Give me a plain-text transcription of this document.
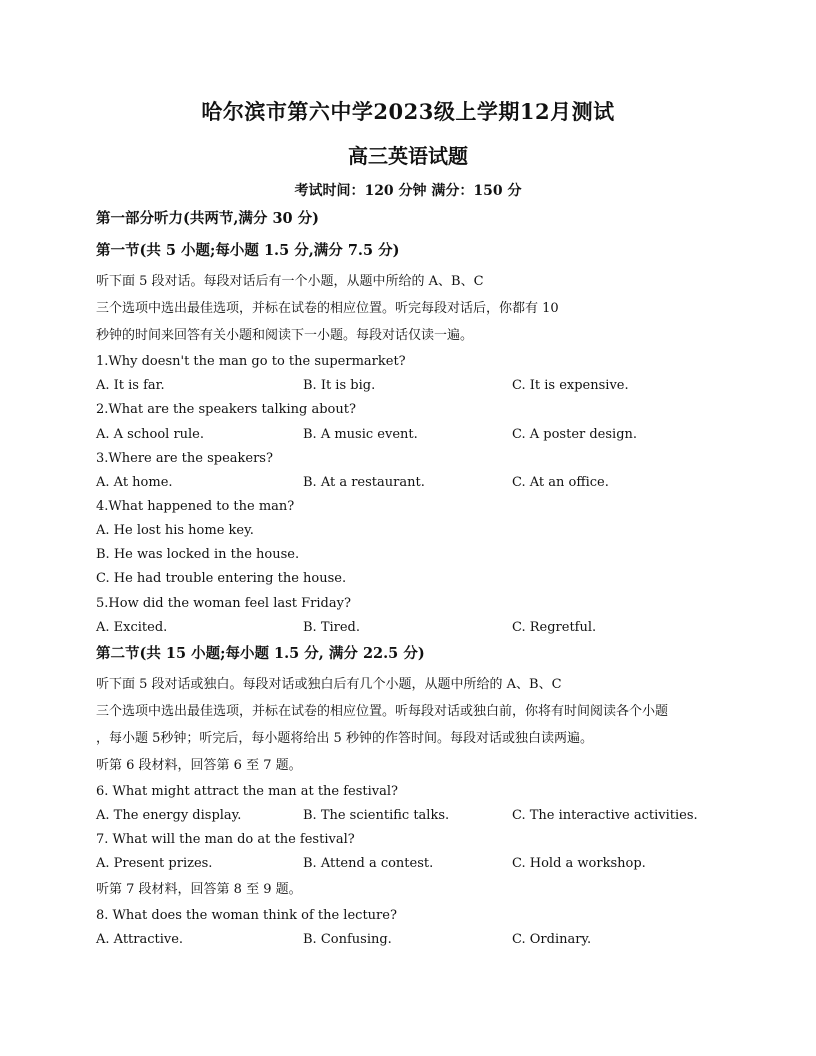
哈尔滨市第六中学2023级上学期12月测试
高三英语试题
考试时间：120 分钟 满分：150 分
第一部分听力(共两节,满分 30 分)
第一节(共 5 小题;每小题 1.5 分,满分 7.5 分)
听下面 5 段对话。每段对话后有一个小题，从题中所给的 A、B、C
三个选项中选出最佳选项，并标在试卷的相应位置。听完每段对话后，你都有 10
秒钟的时间来回答有关小题和阅读下一小题。每段对话仅读一遍。
1.Why doesn't the man go to the supermarket?
A. It is far.	B. It is big.	C. It is expensive.
2.What are the speakers talking about?
A. A school rule.	B. A music event.	C. A poster design.
3.Where are the speakers?
A. At home.	B. At a restaurant.	C. At an office.
4.What happened to the man?
A. He lost his home key.
B. He was locked in the house.
C. He had trouble entering the house.
5.How did the woman feel last Friday?
A. Excited.	B. Tired.	C. Regretful.
第二节(共 15 小题;每小题 1.5 分, 满分 22.5 分)
听下面 5 段对话或独白。每段对话或独白后有几个小题，从题中所给的 A、B、C
三个选项中选出最佳选项，并标在试卷的相应位置。听每段对话或独白前，你将有时间阅读各个小题
，每小题 5秒钟；听完后，每小题将给出 5 秒钟的作答时间。每段对话或独白读两遍。
听第 6 段材料，回答第 6 至 7 题。
6. What might attract the man at the festival?
A. The energy display.	B. The scientific talks.	C. The interactive activities.
7. What will the man do at the festival?
A. Present prizes.	B. Attend a contest.	C. Hold a workshop.
听第 7 段材料，回答第 8 至 9 题。
8. What does the woman think of the lecture?
A. Attractive.	B. Confusing.	C. Ordinary.
